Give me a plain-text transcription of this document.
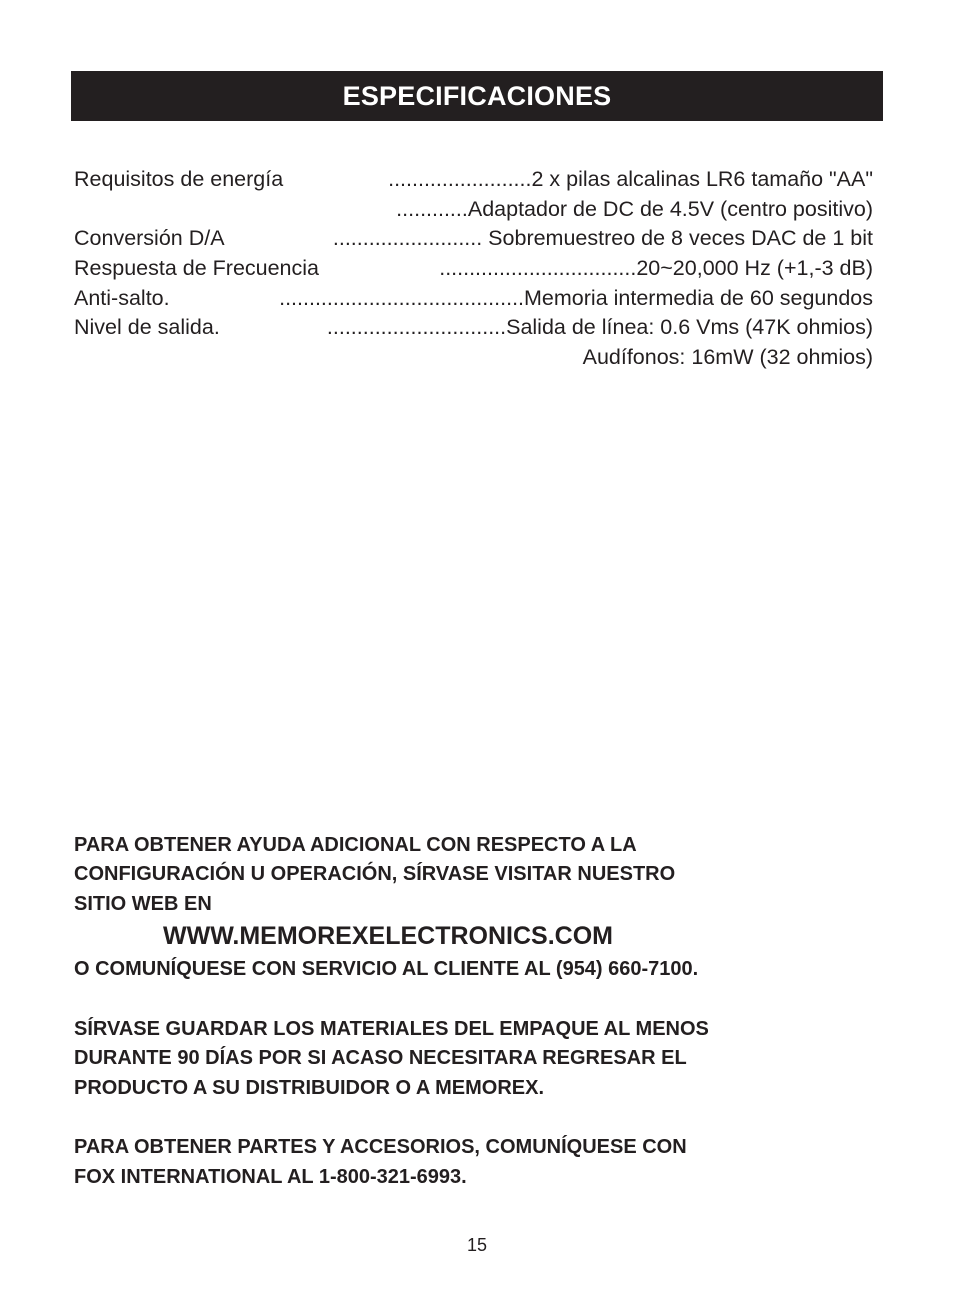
ESPECIFICACIONES
Requisitos de energía	........................2 x pilas alcalinas LR6 tamaño "AA"
............Adaptador de DC de 4.5V (centro positivo)
Conversión D/A	......................... Sobremuestreo de 8 veces DAC de 1 bit
Respuesta de Frecuencia	.................................20~20,000 Hz (+1,-3 dB)
Anti-salto.	.........................................Memoria intermedia de 60 segundos
Nivel de salida.	..............................Salida de línea: 0.6 Vms (47K ohmios)
Audífonos: 16mW (32 ohmios)
PARA OBTENER AYUDA ADICIONAL CON RESPECTO A LA
CONFIGURACIÓN U OPERACIÓN, SÍRVASE VISITAR NUESTRO
SITIO WEB EN
WWW.MEMOREXELECTRONICS.COM
O COMUNÍQUESE CON SERVICIO AL CLIENTE AL (954) 660-7100.
SÍRVASE GUARDAR LOS MATERIALES DEL EMPAQUE AL MENOS
DURANTE 90 DÍAS POR SI ACASO NECESITARA REGRESAR EL
PRODUCTO A SU DISTRIBUIDOR O A MEMOREX.
PARA OBTENER PARTES Y ACCESORIOS, COMUNÍQUESE CON
FOX INTERNATIONAL AL 1-800-321-6993.
15
